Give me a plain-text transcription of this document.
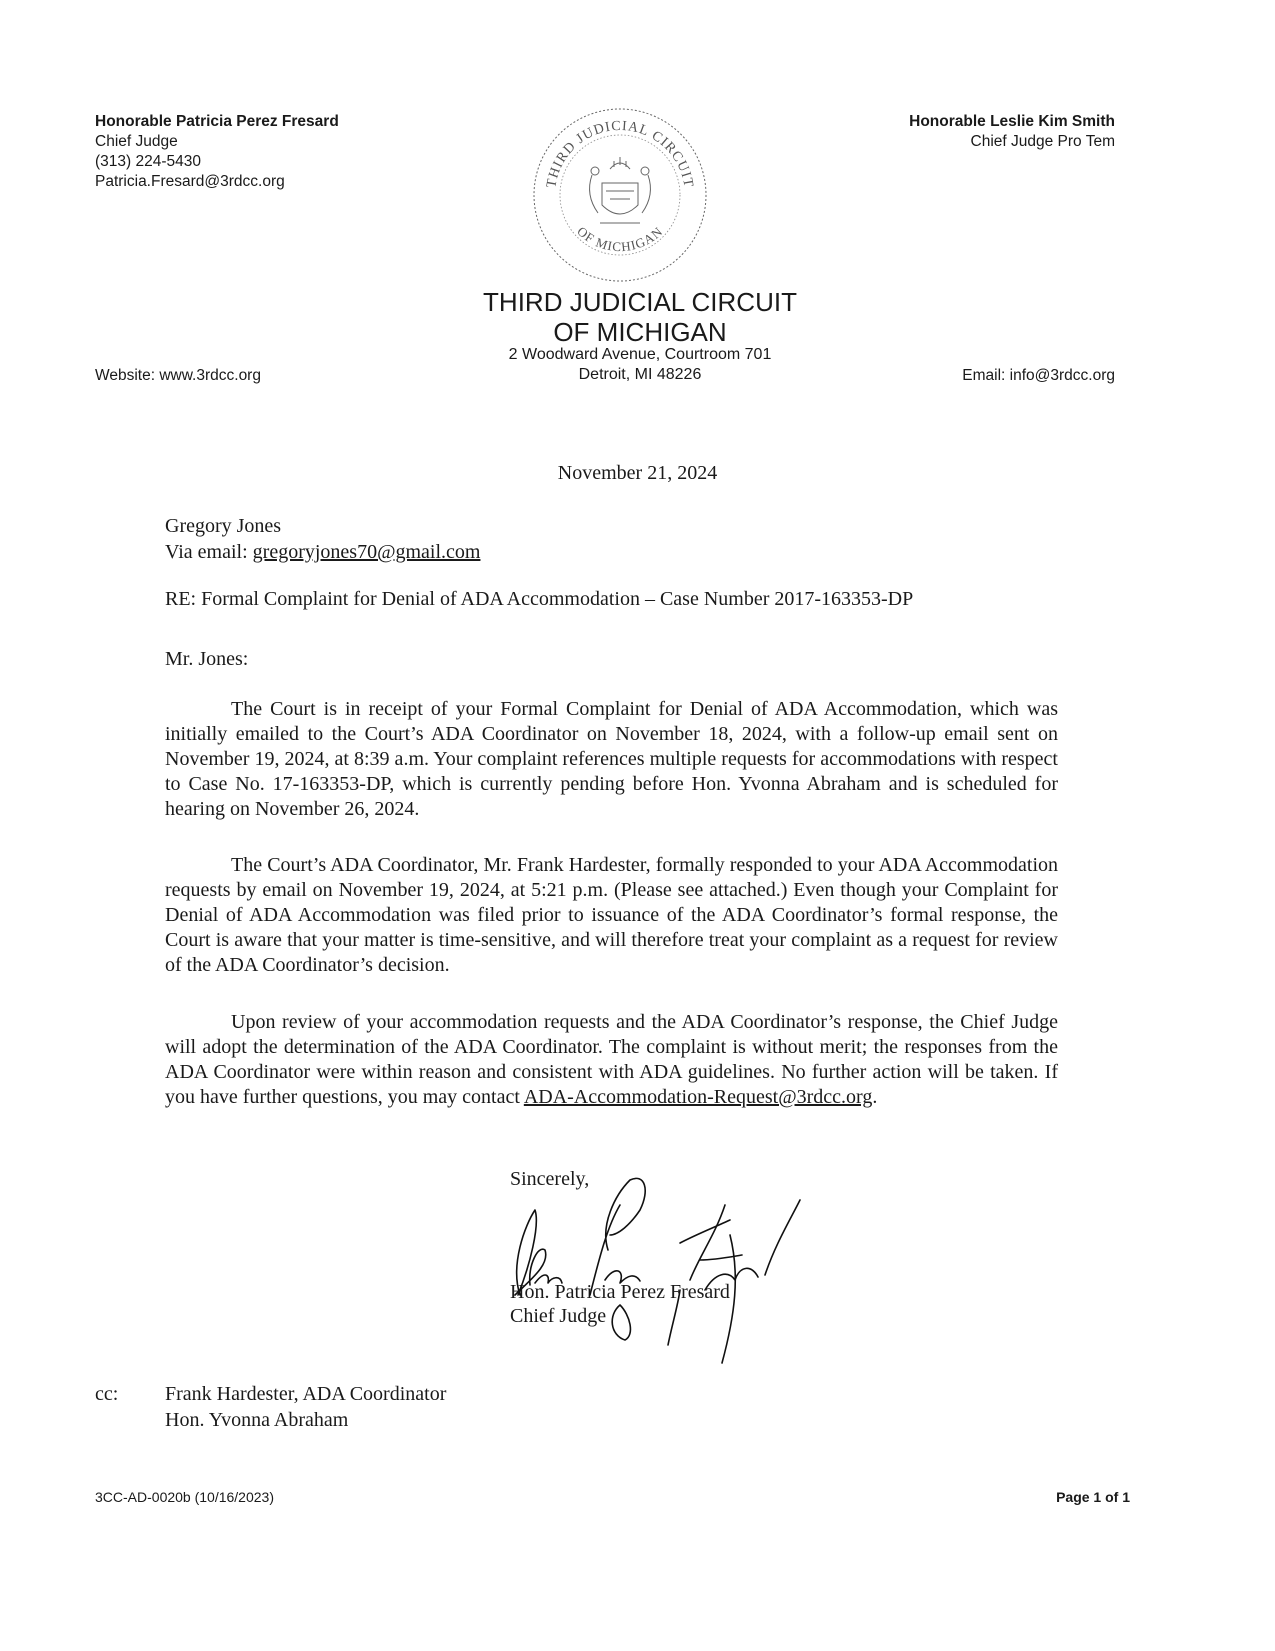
Honorable Patricia Perez Fresard
Chief Judge
(313) 224-5430
Patricia.Fresard@3rdcc.org
Honorable Leslie Kim Smith
Chief Judge Pro Tem
THIRD JUDICIAL CIRCUIT
OF MICHIGAN
THIRD JUDICIAL CIRCUIT
OF MICHIGAN
2 Woodward Avenue, Courtroom 701
Detroit, MI 48226
Website: www.3rdcc.org	Email: info@3rdcc.org
November 21, 2024
Gregory Jones
Via email: gregoryjones70@gmail.com
RE: Formal Complaint for Denial of ADA Accommodation – Case Number 2017-163353-DP
Mr. Jones:

The Court is in receipt of your Formal Complaint for Denial of ADA Accommodation, which was initially emailed to the Court’s ADA Coordinator on November 18, 2024, with a follow-up email sent on November 19, 2024, at 8:39 a.m. Your complaint references multiple requests for accommodations with respect to Case No. 17-163353-DP, which is currently pending before Hon. Yvonna Abraham and is scheduled for hearing on November 26, 2024.

The Court’s ADA Coordinator, Mr. Frank Hardester, formally responded to your ADA Accommodation requests by email on November 19, 2024, at 5:21 p.m. (Please see attached.) Even though your Complaint for Denial of ADA Accommodation was filed prior to issuance of the ADA Coordinator’s formal response, the Court is aware that your matter is time-sensitive, and will therefore treat your complaint as a request for review of the ADA Coordinator’s decision.

Upon review of your accommodation requests and the ADA Coordinator’s response, the Chief Judge will adopt the determination of the ADA Coordinator. The complaint is without merit; the responses from the ADA Coordinator were within reason and consistent with ADA guidelines. No further action will be taken. If you have further questions, you may contact ADA-Accommodation-Request@3rdcc.org.

Sincerely,
Hon. Patricia Perez Fresard
Chief Judge
cc: Frank Hardester, ADA Coordinator
Hon. Yvonna Abraham
3CC-AD-0020b (10/16/2023)	Page 1 of 1
